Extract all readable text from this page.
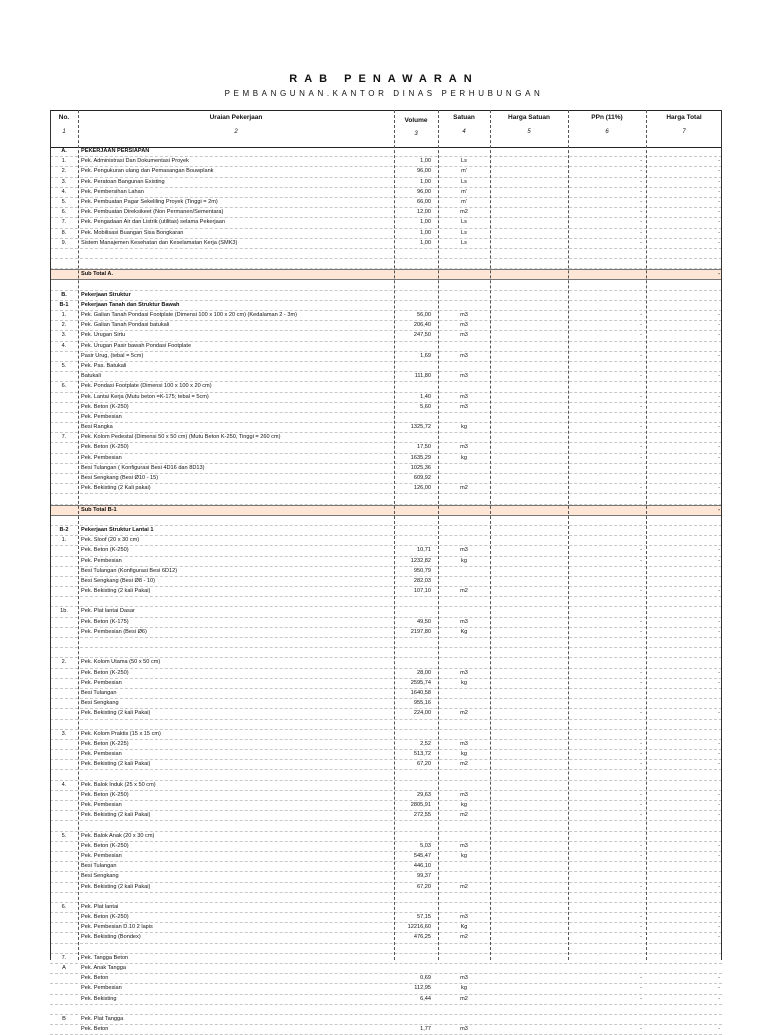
RAB PENAWARAN
PEMBANGUNAN.KANTOR DINAS PERHUBUNGAN
No.	Uraian Pekerjaan	Volume	Satuan	Harga Satuan	PPn (11%)	Harga Total
1	2	3	4	5	6	7
A.	PEKERJAAN PERSIAPAN
1.	Pek. Administrasi Dan Dokumentasi Proyek	1,00	Ls	-	-
2.	Pek. Pengukuran ulang dan Pemasangan Bouwplank	96,00	m'	-	-
3.	Pek. Peratoan Bangunan Existing	1,00	Ls	-	-
4.	Pek. Pembersihan Lahan	96,00	m'	-	-
5.	Pek. Pembuatan Pagar Sekeliling Proyek (Tinggi = 2m)	66,00	m'	-	-
6.	Pek. Pembuatan Direksikeet (Non Permanen/Sementara)	12,00	m2	-	-
7.	Pek. Pengadaan Air dan Listrik (utilitas) selama Pekerjaan	1,00	Ls	-	-
8.	Pek. Mobilisasi Buangan Sisa Bongkaran	1,00	Ls	-	-
9.	Sistem Manajemen Kesehatan dan Keselamatan Kerja (SMK3)	1,00	Ls	-	-
Sub Total A.	-
B.	Pekerjaan Struktur
B-1	Pekerjaan Tanah dan Struktur Bawah
1.	Pek. Galian Tanah Pondasi Footplate (Dimensi 100 x 100 x 20 cm) (Kedalaman 2 - 3m)	56,00	m3	-	-
2.	Pek. Galian Tanah Pondasi batukali	206,40	m3	-	-
3.	Pek. Urugan Sirtu	247,50	m3	-	-
4.	Pek. Urugan Pasir bawah Pondasi Footplate
Pasir Urug, (tebal = 5cm)	1,69	m3	-	-
5.	Pek. Pas. Batukali
Batukali	111,80	m3	-	-
6.	Pek. Pondasi Footplate (Dimensi 100 x 100 x 20 cm)
Pek. Lantai Kerja (Mutu beton =K-175; tebal = 5cm)	1,40	m3	-	-
Pek. Beton (K-250)	5,60	m3	-	-
Pek. Pembesian
Besi Rangka	1325,72	kg	-	-
7.	Pek. Kolom Pedestal (Dimensi 50 x 50 cm) (Mutu Beton K-250, Tinggi = 260 cm)
Pek. Beton (K-250)	17,50	m3	-	-
Pek. Pembesian	1635,29	kg	-	-
Besi Tulangan ( Konfigurasi Besi 4D16 dan 8D13)	1025,36
Besi Sengkang (Besi Ø10 - 15)	609,92
Pek. Bekisting (2 Kali pakai)	126,00	m2	-	-
Sub Total B-1	-
B-2	Pekerjaan Struktur Lantai 1
1.	Pek. Sloof (20 x 30 cm)
Pek. Beton (K-250)	10,71	m3	-	-
Pek. Pembesian	1232,82	kg	-	-
Besi Tulangan (Konfigurasi Besi 6D12)	950,79
Besi Sengkang (Besi Ø8 - 10)	282,03
Pek. Bekisting (2 kali Pakai)	107,10	m2	-	-
1b.	Pek. Plat lantai Dasar
Pek. Beton (K-175)	49,50	m3	-	-
Pek. Pembesian (Besi Ø6)	2197,80	Kg	-	-
2.	Pek. Kolom Utama (50 x 50 cm)
Pek. Beton (K-250)	28,00	m3	-	-
Pek. Pembesian	2595,74	kg	-	-
Besi Tulangan	1640,58
Besi Sengkang	955,16
Pek. Bekisting (2 kali Pakai)	224,00	m2	-	-
3.	Pek. Kolom Praktis (15 x 15 cm)
Pek. Beton (K-225)	2,52	m3	-	-
Pek. Pembesian	513,72	kg	-	-
Pek. Bekisting (2 kali Pakai)	67,20	m2	-	-
4.	Pek. Balok Induk (25 x 50 cm)
Pek. Beton (K-250)	29,63	m3	-	-
Pek. Pembesian	2805,91	kg	-	-
Pek. Bekisting (2 kali Pakai)	272,55	m2	-	-
5.	Pek. Balok Anak (20 x 30 cm)
Pek. Beton (K-250)	5,03	m3	-	-
Pek. Pembesian	545,47	kg	-	-
Besi Tulangan	446,10
Besi Sengkang	99,37
Pek. Bekisting (2 kali Pakai)	67,20	m2	-	-
6.	Pek. Plat lantai
Pek. Beton (K-250)	57,15	m3	-	-
Pek. Pembesian D.10 2 lapis	12216,60	Kg	-	-
Pek. Bekisting (Bondex)	476,25	m2	-	-
7.	Pek. Tangga Beton
A	Pek. Anak Tangga
Pek. Beton	0,69	m3	-	-
Pek. Pembesian	112,95	kg	-	-
Pek. Bekisting	6,44	m2	-	-
B	Pek. Plat Tangga
Pek. Beton	1,77	m3	-	-
